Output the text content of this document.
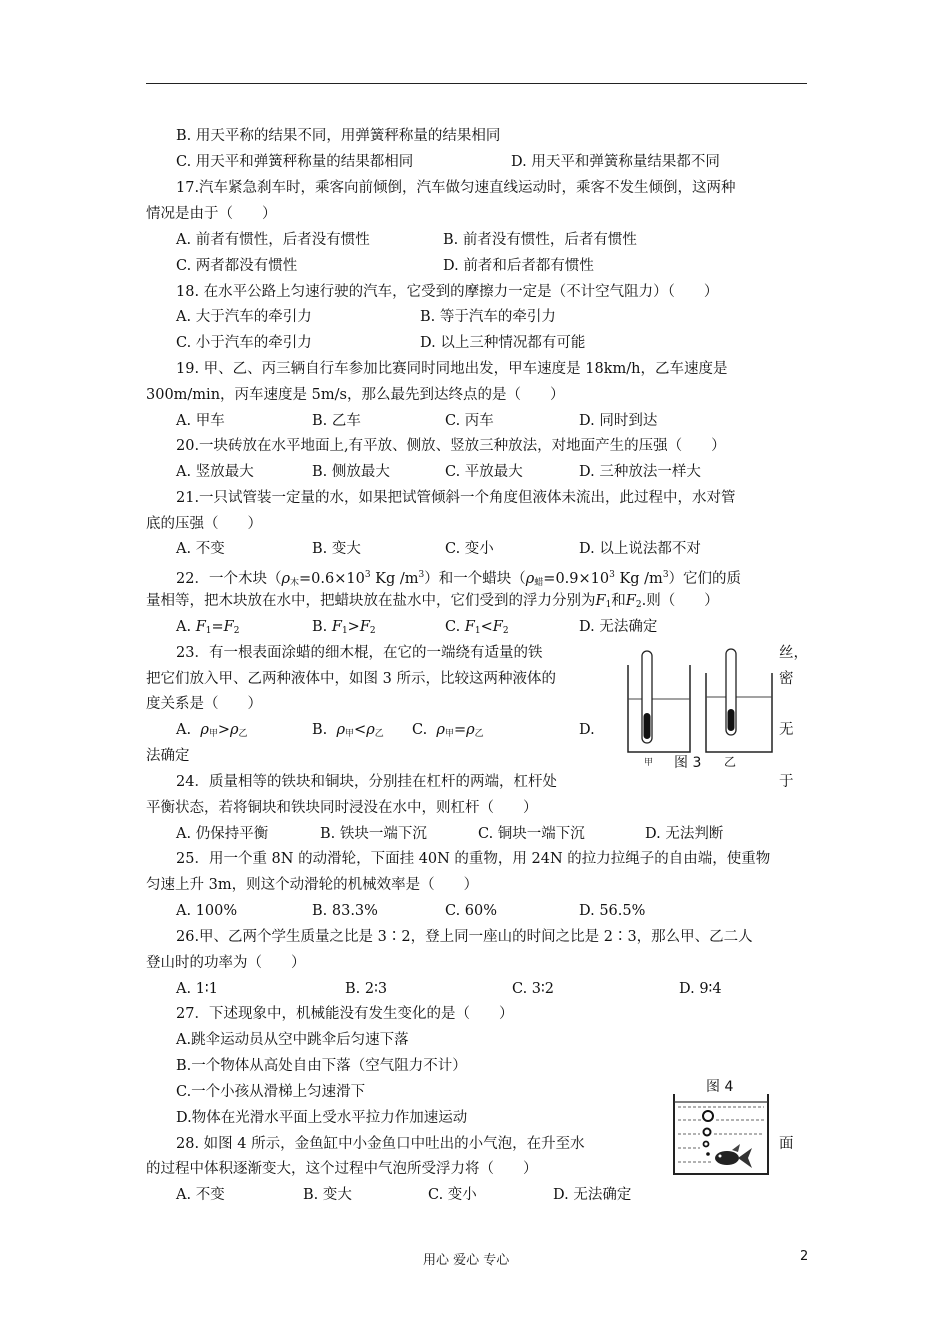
B. 用天平称的结果不同，用弹簧秤称量的结果相同
C. 用天平和弹簧秤称量的结果都相同	D. 用天平和弹簧称量结果都不同
17.汽车紧急刹车时，乘客向前倾倒，汽车做匀速直线运动时，乘客不发生倾倒，这两种
情况是由于（　　）
A. 前者有惯性，后者没有惯性	B. 前者没有惯性，后者有惯性
C. 两者都没有惯性	D. 前者和后者都有惯性
18. 在水平公路上匀速行驶的汽车，它受到的摩擦力一定是（不计空气阻力）（　　）
A. 大于汽车的牵引力	B. 等于汽车的牵引力
C. 小于汽车的牵引力	D. 以上三种情况都有可能
19. 甲、乙、丙三辆自行车参加比赛同时同地出发，甲车速度是 18km/h，乙车速度是
300m/min，丙车速度是 5m/s，那么最先到达终点的是（　　）
A. 甲车	B. 乙车	C. 丙车	D. 同时到达
20.一块砖放在水平地面上,有平放、侧放、竖放三种放法，对地面产生的压强（　　）
A. 竖放最大	B. 侧放最大	C. 平放最大	D. 三种放法一样大
21.一只试管装一定量的水，如果把试管倾斜一个角度但液体未流出，此过程中，水对管
底的压强（　　）
A. 不变	B. 变大	C. 变小	D. 以上说法都不对
22．一个木块（$\rho_木=0.6\times 10^3$ Kg $/m^3$）和一个蜡块（$\rho_蜡=0.9\times 10^3$ Kg $/m^3$）它们的质
量相等，把木块放在水中，把蜡块放在盐水中，它们受到的浮力分别为$F_1$和$F_2$.则（　　）
A. $F_1=F_2$	B. $F_1>F_2$	C. $F_1<F_2$	D. 无法确定
23．有一根表面涂蜡的细木棍，在它的一端绕有适量的铁	丝，
把它们放入甲、乙两种液体中，如图 3 所示，比较这两种液体的	密
度关系是（　　）
A. $\rho_甲>\rho_乙$	B. $\rho_甲<\rho_乙$ C. $\rho_甲=\rho_乙$	D.	无
法确定	甲 图 3 乙
24．质量相等的铁块和铜块，分别挂在杠杆的两端，杠杆处	于
平衡状态，若将铜块和铁块同时浸没在水中，则杠杆（　　）
A. 仍保持平衡	B. 铁块一端下沉	C. 铜块一端下沉	D. 无法判断
25．用一个重 8N 的动滑轮，下面挂 40N 的重物，用 24N 的拉力拉绳子的自由端，使重物
匀速上升 3m，则这个动滑轮的机械效率是（　　）
A. 100%	B. 83.3%	C. 60%	D. 56.5%
26.甲、乙两个学生质量之比是 3∶2，登上同一座山的时间之比是 2∶3，那么甲、乙二人
登山时的功率为（　　）
A. 1∶1	B. 2∶3	C. 3∶2	D. 9∶4
27．下述现象中，机械能没有发生变化的是（　　）
A.跳伞运动员从空中跳伞后匀速下落
B.一个物体从高处自由下落（空气阻力不计）
C.一个小孩从滑梯上匀速滑下
D.物体在光滑水平面上受水平拉力作加速运动
图 4
28. 如图 4 所示，金鱼缸中小金鱼口中吐出的小气泡，在升至水	面
的过程中体积逐渐变大，这个过程中气泡所受浮力将（　　）
A. 不变	B. 变大	C. 变小	D. 无法确定
用心 爱心 专心	2
